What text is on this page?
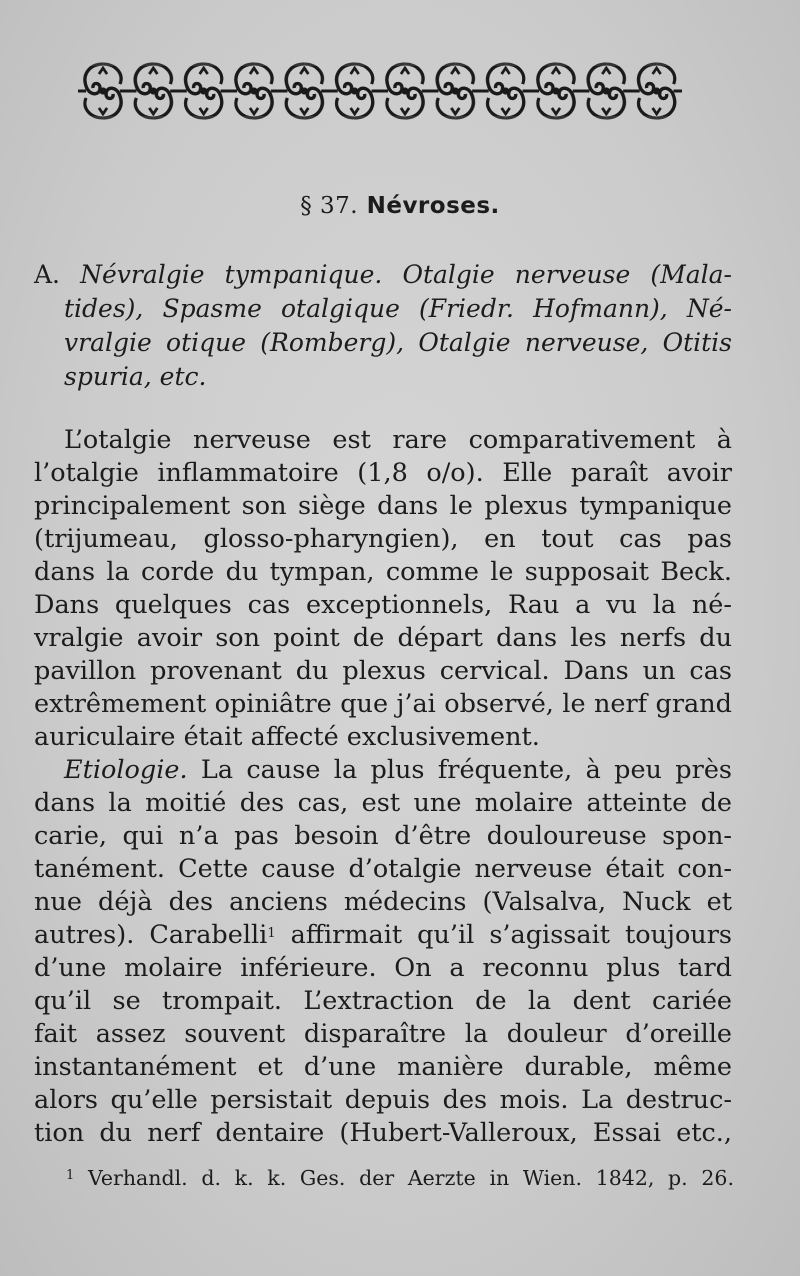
§ 37. Névroses.
A. Névralgie tympanique. Otalgie nerveuse (Mala-
tides), Spasme otalgique (Friedr. Hofmann), Né-
vralgie otique (Romberg), Otalgie nerveuse, Otitis
spuria, etc.
L’otalgie nerveuse est rare comparativement à
l’otalgie inflammatoire (1,8 o/o). Elle paraît avoir
principalement son siège dans le plexus tympanique
(trijumeau, glosso-pharyngien), en tout cas pas
dans la corde du tympan, comme le supposait Beck.
Dans quelques cas exceptionnels, Rau a vu la né-
vralgie avoir son point de départ dans les nerfs du
pavillon provenant du plexus cervical. Dans un cas
extrêmement opiniâtre que j’ai observé, le nerf grand
auriculaire était affecté exclusivement.
Etiologie. La cause la plus fréquente, à peu près
dans la moitié des cas, est une molaire atteinte de
carie, qui n’a pas besoin d’être douloureuse spon-
tanément. Cette cause d’otalgie nerveuse était con-
nue déjà des anciens médecins (Valsalva, Nuck et
autres). Carabelli$^1$ affirmait qu’il s’agissait toujours
d’une molaire inférieure. On a reconnu plus tard
qu’il se trompait. L’extraction de la dent cariée
fait assez souvent disparaître la douleur d’oreille
instantanément et d’une manière durable, même
alors qu’elle persistait depuis des mois. La destruc-
tion du nerf dentaire (Hubert-Valleroux, Essai etc.,
$^1$ Verhandl. d. k. k. Ges. der Aerzte in Wien. 1842, p. 26.
